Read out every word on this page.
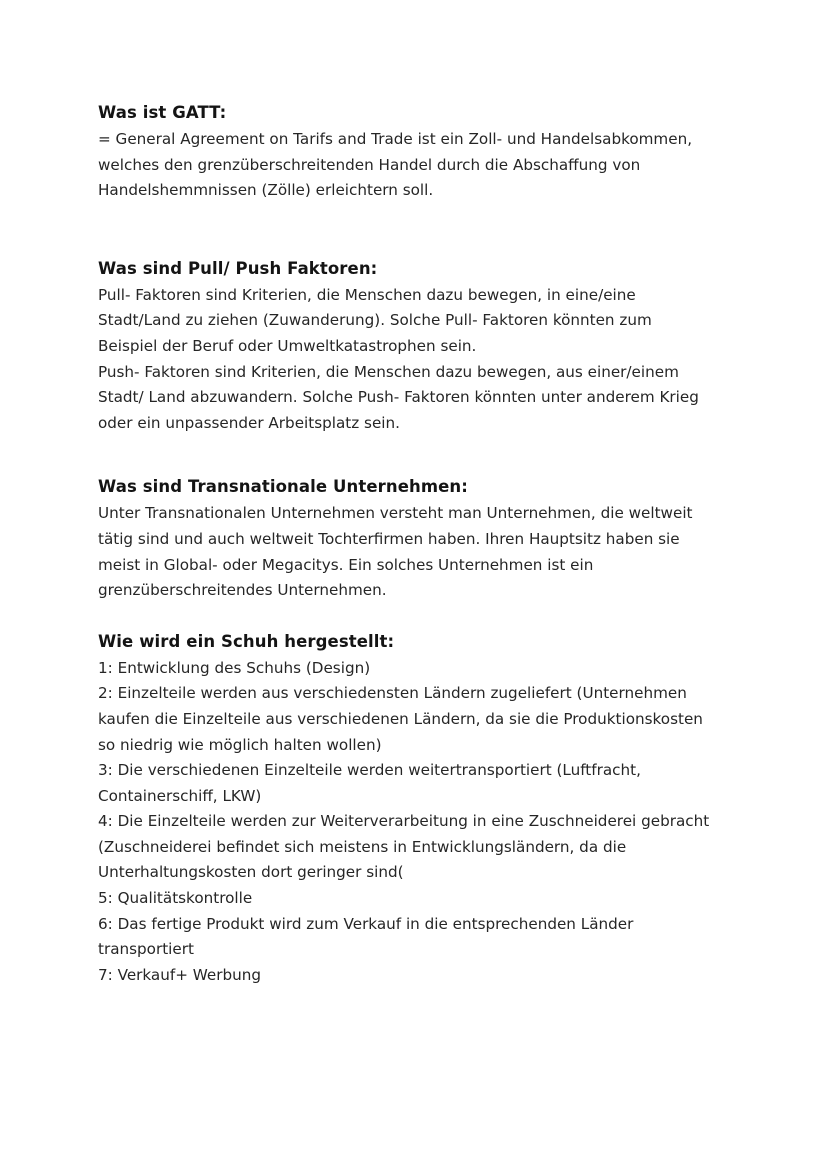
Was ist GATT:

= General Agreement on Tarifs and Trade ist ein Zoll- und Handelsabkommen,
welches den grenzüberschreitenden Handel durch die Abschaffung von
Handelshemmnissen (Zölle) erleichtern soll.

Was sind Pull/ Push Faktoren:

Pull- Faktoren sind Kriterien, die Menschen dazu bewegen, in eine/eine
Stadt/Land zu ziehen (Zuwanderung). Solche Pull- Faktoren könnten zum
Beispiel der Beruf oder Umweltkatastrophen sein.
Push- Faktoren sind Kriterien, die Menschen dazu bewegen, aus einer/einem
Stadt/ Land abzuwandern. Solche Push- Faktoren könnten unter anderem Krieg
oder ein unpassender Arbeitsplatz sein.

Was sind Transnationale Unternehmen:

Unter Transnationalen Unternehmen versteht man Unternehmen, die weltweit
tätig sind und auch weltweit Tochterfirmen haben. Ihren Hauptsitz haben sie
meist in Global- oder Megacitys. Ein solches Unternehmen ist ein
grenzüberschreitendes Unternehmen.

Wie wird ein Schuh hergestellt:
1: Entwicklung des Schuhs (Design)
2: Einzelteile werden aus verschiedensten Ländern zugeliefert (Unternehmen
kaufen die Einzelteile aus verschiedenen Ländern, da sie die Produktionskosten
so niedrig wie möglich halten wollen)
3: Die verschiedenen Einzelteile werden weitertransportiert (Luftfracht,
Containerschiff, LKW)
4: Die Einzelteile werden zur Weiterverarbeitung in eine Zuschneiderei gebracht
(Zuschneiderei befindet sich meistens in Entwicklungsländern, da die
Unterhaltungskosten dort geringer sind(
5: Qualitätskontrolle
6: Das fertige Produkt wird zum Verkauf in die entsprechenden Länder
transportiert
7: Verkauf+ Werbung
